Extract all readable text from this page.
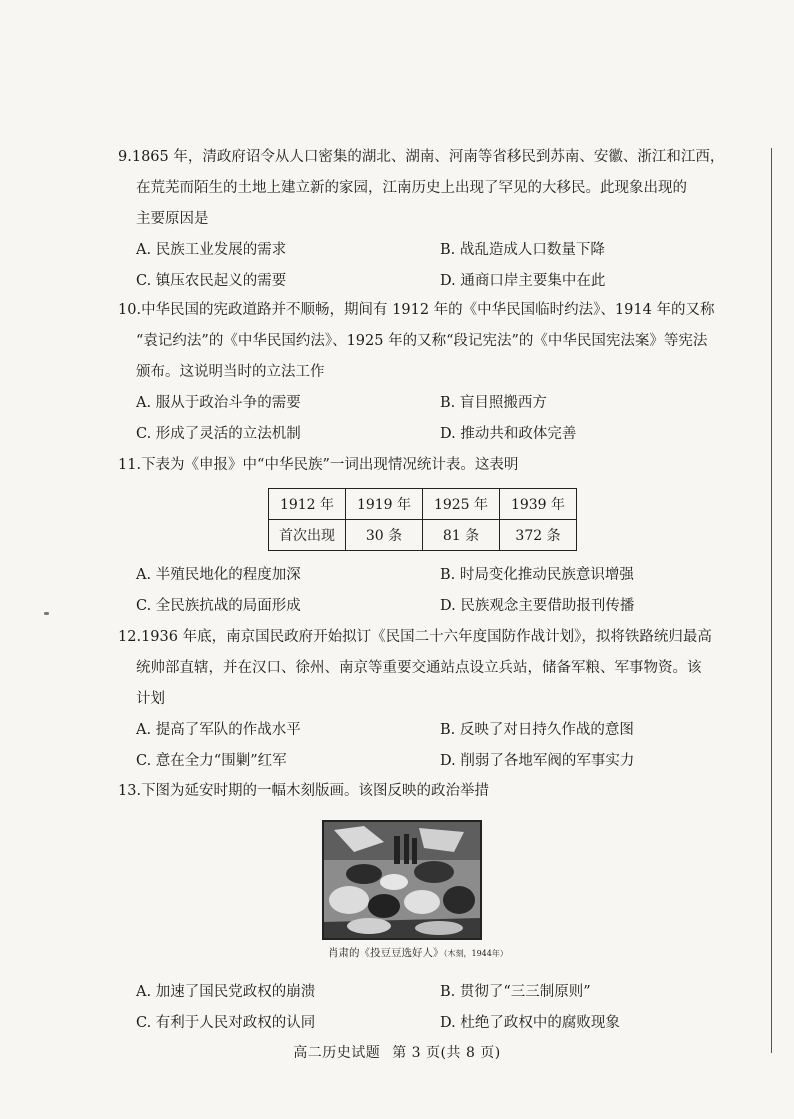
9.1865 年，清政府诏令从人口密集的湖北、湖南、河南等省移民到苏南、安徽、浙江和江西，
在荒芜而陌生的土地上建立新的家园，江南历史上出现了罕见的大移民。此现象出现的
主要原因是

A. 民族工业发展的需求	B. 战乱造成人口数量下降
C. 镇压农民起义的需要	D. 通商口岸主要集中在此

10.中华民国的宪政道路并不顺畅，期间有 1912 年的《中华民国临时约法》、1914 年的又称
“袁记约法”的《中华民国约法》、1925 年的又称“段记宪法”的《中华民国宪法案》等宪法
颁布。这说明当时的立法工作

A. 服从于政治斗争的需要	B. 盲目照搬西方
C. 形成了灵活的立法机制	D. 推动共和政体完善

11.下表为《申报》中“中华民族”一词出现情况统计表。这表明

1912 年	1919 年	1925 年	1939 年
首次出现	30 条	81 条	372 条
A. 半殖民地化的程度加深	B. 时局变化推动民族意识增强
C. 全民族抗战的局面形成	D. 民族观念主要借助报刊传播

12.1936 年底，南京国民政府开始拟订《民国二十六年度国防作战计划》，拟将铁路统归最高
统帅部直辖，并在汉口、徐州、南京等重要交通站点设立兵站，储备军粮、军事物资。该
计划

A. 提高了军队的作战水平	B. 反映了对日持久作战的意图
C. 意在全力“围剿”红军	D. 削弱了各地军阀的军事实力

13.下图为延安时期的一幅木刻版画。该图反映的政治举措

肖肃的《投豆豆选好人》（木刻，1944年）
A. 加速了国民党政权的崩溃	B. 贯彻了“三三制原则”
C. 有利于人民对政权的认同	D. 杜绝了政权中的腐败现象
高二历史试题 第 3 页(共 8 页)
